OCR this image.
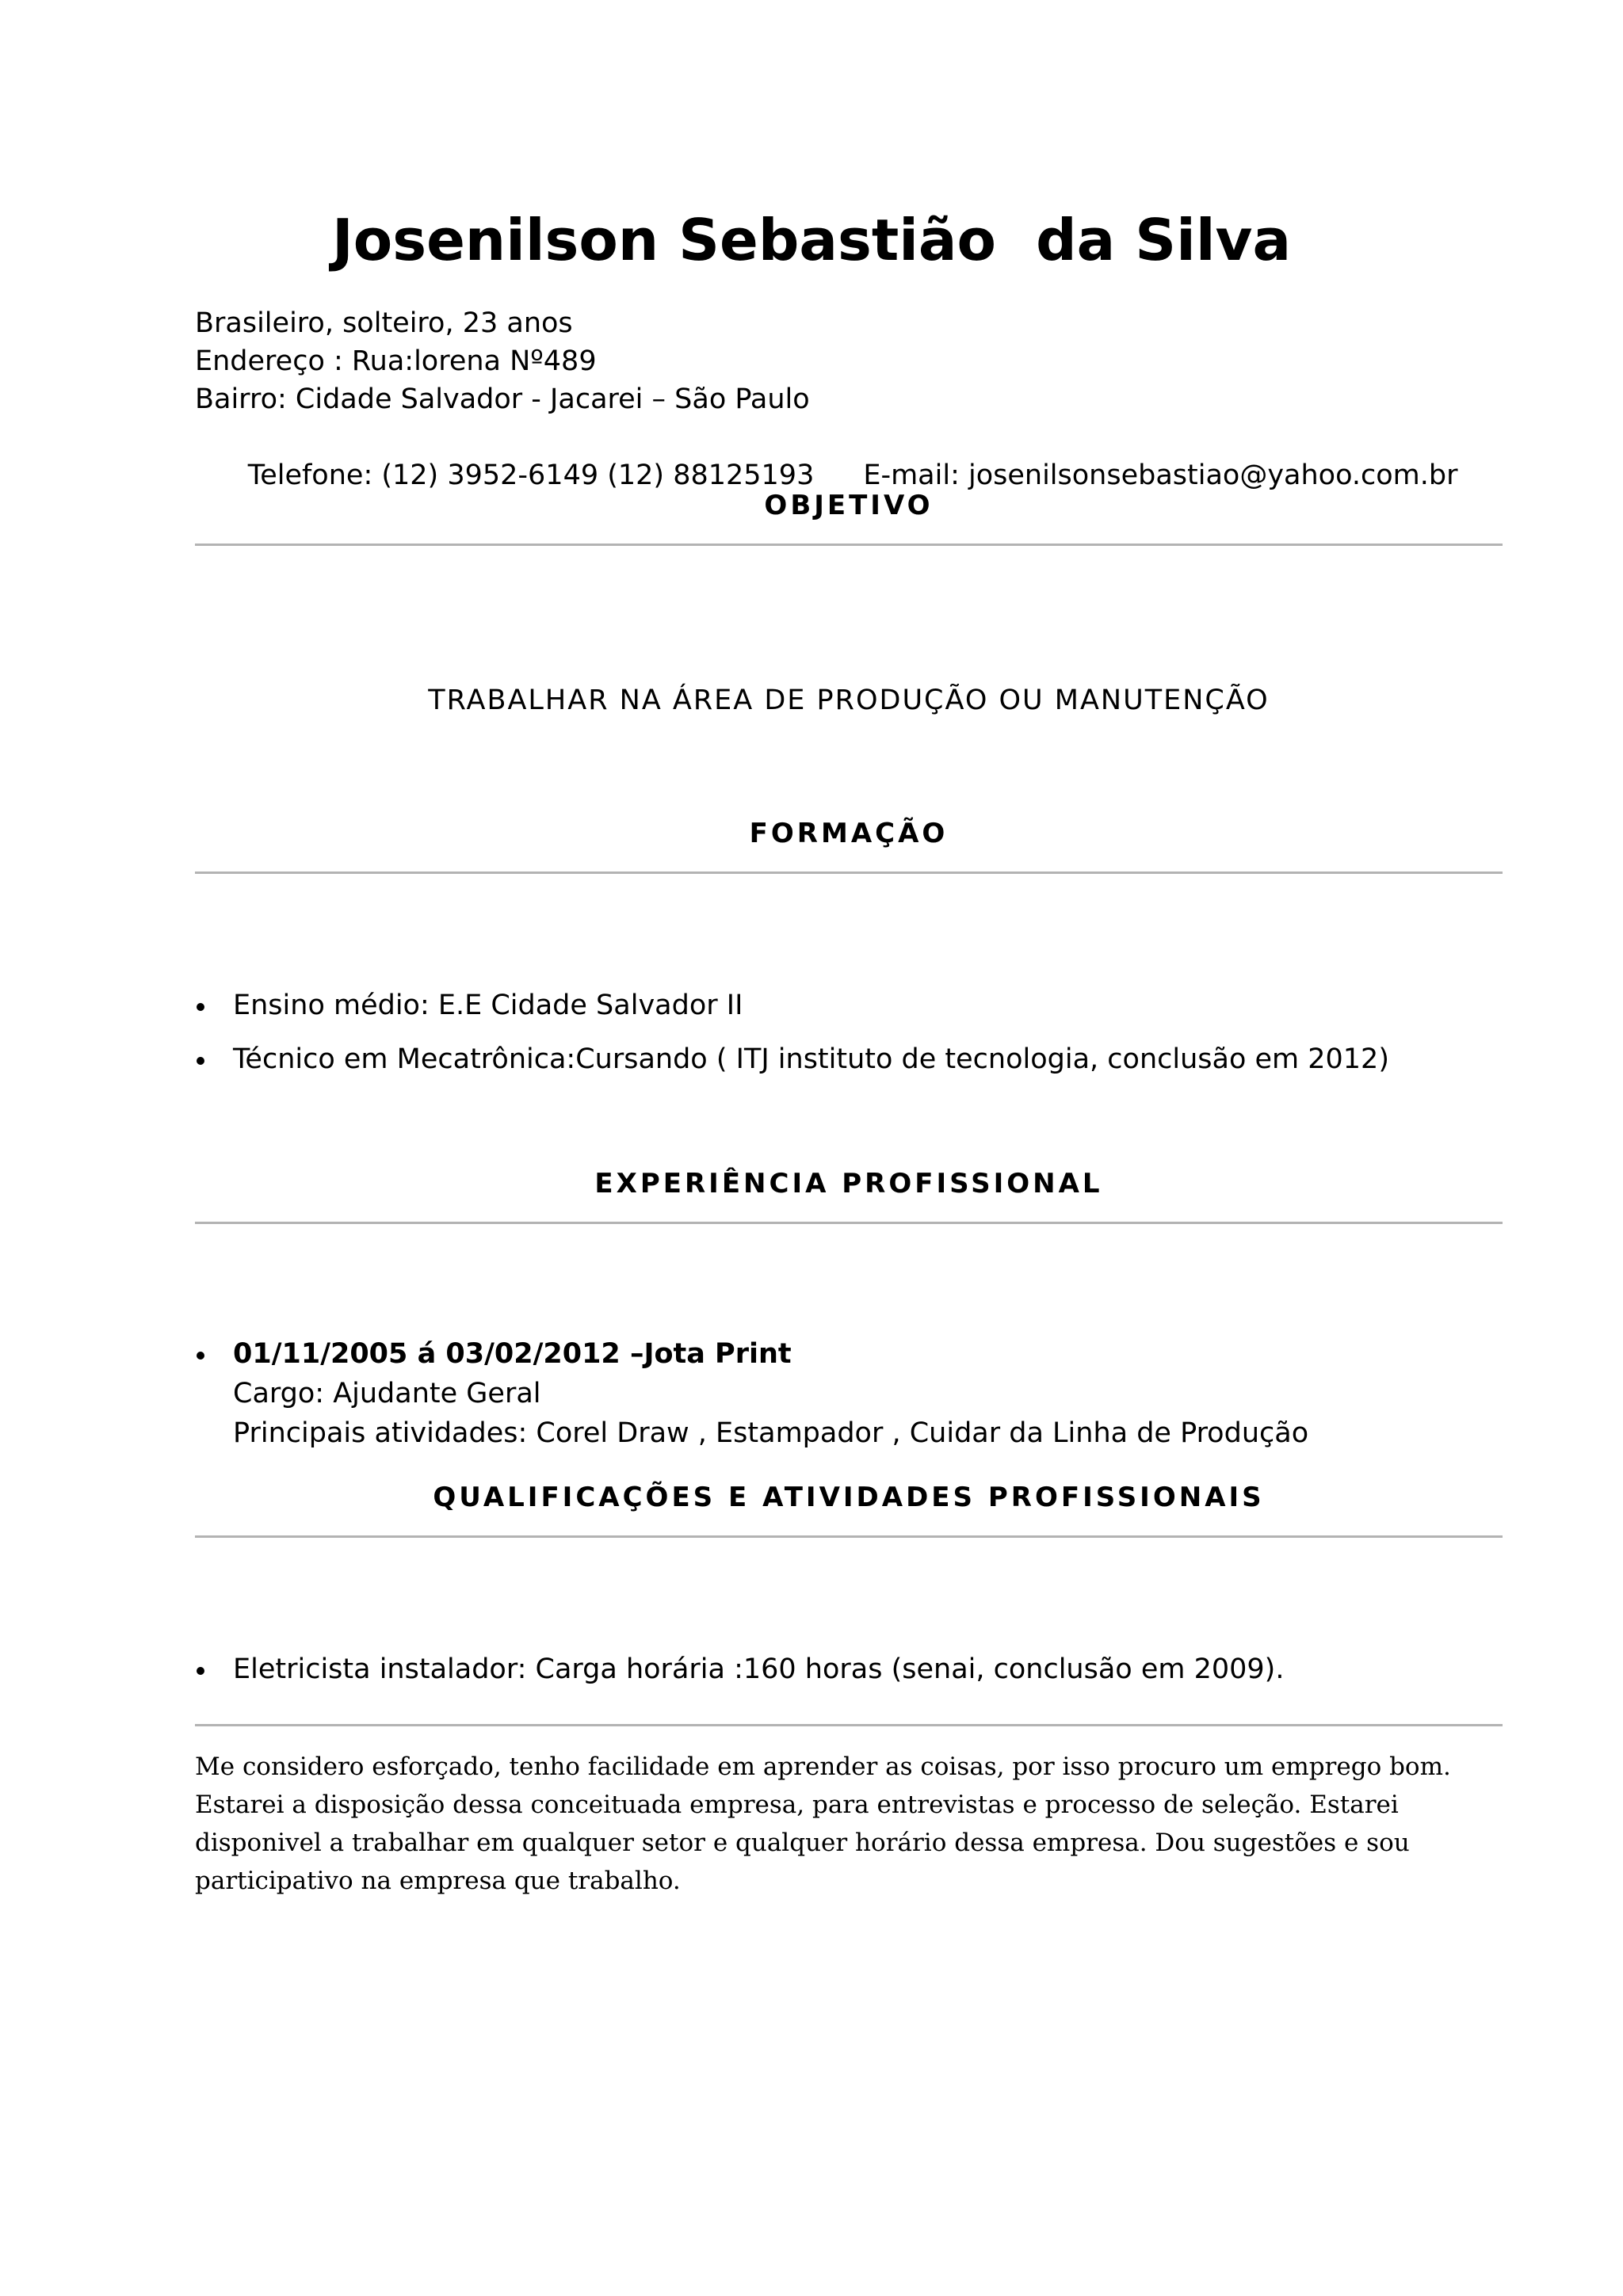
Josenilson Sebastião  da Silva
Brasileiro, solteiro, 23 anos
Endereço : Rua:lorena Nº489
Bairro: Cidade Salvador - Jacarei – São Paulo

Telefone: (12) 3952-6149 (12) 88125193 E-mail: josenilsonsebastiao@yahoo.com.br

OBJETIVO
TRABALHAR NA ÁREA DE PRODUÇÃO OU MANUTENÇÃO
FORMAÇÃO
Ensino médio: E.E Cidade Salvador II
Técnico em Mecatrônica:Cursando ( ITJ instituto de tecnologia, conclusão em 2012)
EXPERIÊNCIA PROFISSIONAL
01/11/2005 á 03/02/2012 –Jota Print
Cargo: Ajudante Geral
Principais atividades: Corel Draw , Estampador , Cuidar da Linha de Produção
QUALIFICAÇÕES E ATIVIDADES PROFISSIONAIS
Eletricista instalador: Carga horária :160 horas (senai, conclusão em 2009).

Me considero esforçado, tenho facilidade em aprender as coisas, por isso procuro um emprego bom. Estarei a disposição dessa conceituada empresa, para entrevistas e processo de seleção. Estarei disponivel a trabalhar em qualquer setor e qualquer horário dessa empresa. Dou sugestões e sou participativo na empresa que trabalho.
